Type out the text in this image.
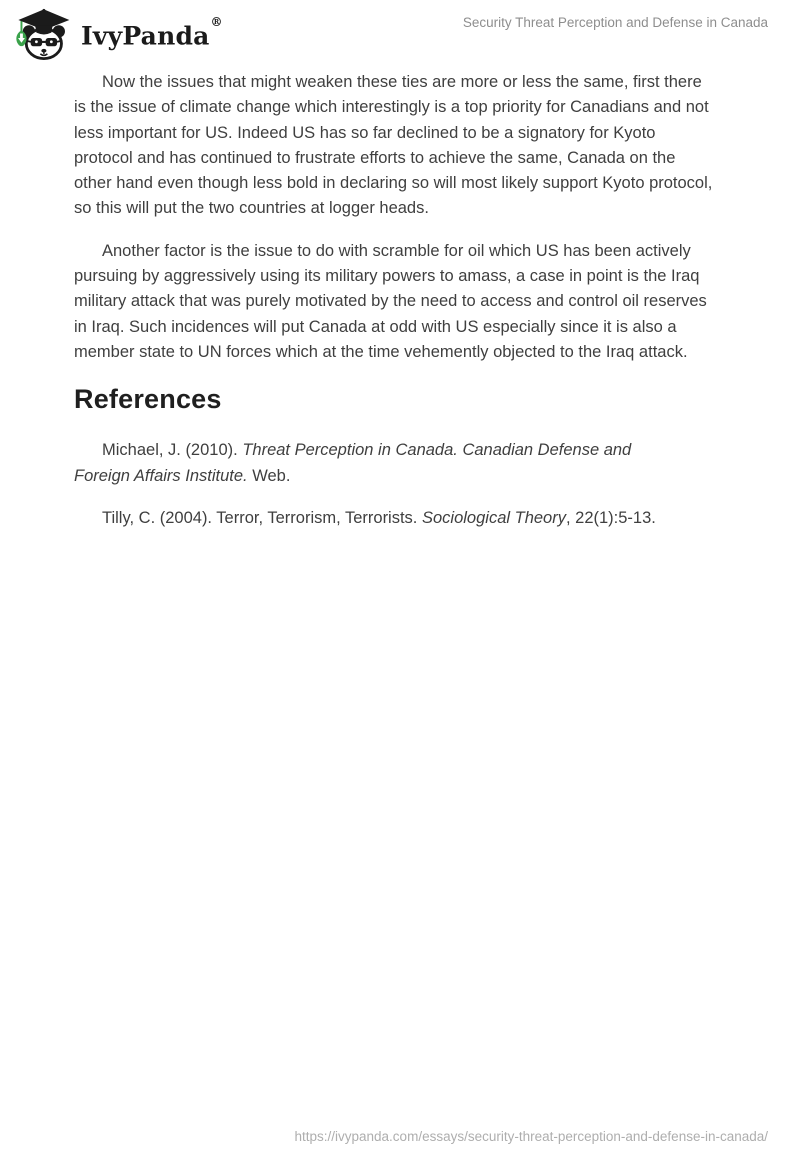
IvyPanda®	Security Threat Perception and Defense in Canada

Now the issues that might weaken these ties are more or less the same, first there
is the issue of climate change which interestingly is a top priority for Canadians and not
less important for US. Indeed US has so far declined to be a signatory for Kyoto
protocol and has continued to frustrate efforts to achieve the same, Canada on the
other hand even though less bold in declaring so will most likely support Kyoto protocol,
so this will put the two countries at logger heads.

Another factor is the issue to do with scramble for oil which US has been actively
pursuing by aggressively using its military powers to amass, a case in point is the Iraq
military attack that was purely motivated by the need to access and control oil reserves
in Iraq. Such incidences will put Canada at odd with US especially since it is also a
member state to UN forces which at the time vehemently objected to the Iraq attack.

References

Michael, J. (2010). Threat Perception in Canada. Canadian Defense and
Foreign Affairs Institute. Web.

Tilly, C. (2004). Terror, Terrorism, Terrorists. Sociological Theory, 22(1):5-13.

https://ivypanda.com/essays/security-threat-perception-and-defense-in-canada/
